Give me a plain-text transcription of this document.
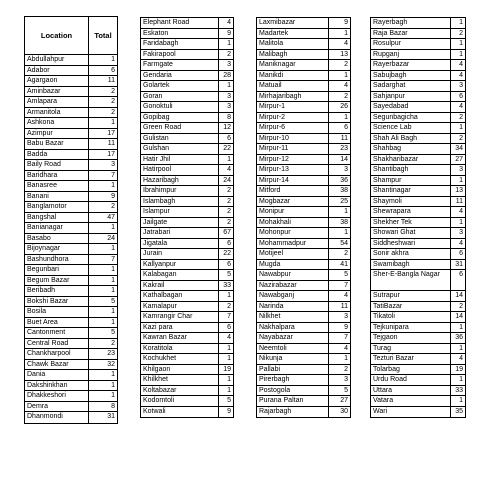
Location	Total
Abdullahpur	1
Adabor	6
Agargaon	11
Aminbazar	2
Amlapara	2
Armanitola	2
Ashkona	1
Azimpur	17
Babu Bazar	11
Badda	17
Baily Road	3
Baridhara	7
Banasree	1
Banani	9
Banglamotor	2
Bangshal	47
Banianagar	1
Basabo	24
Bijoynagar	1
Bashundhora	7
Begunbari	1
Begum Bazar	1
Beribadh	1
Bokshi Bazar	5
Bosila	1
Buet Area	1
Cantonment	5
Central Road	2
Chankharpool	23
Chawk Bazar	32
Dania	1
Dakshinkhan	1
Dhakkeshori	1
Demra	8
Dhanmondi	31
Elephant Road	4
Eskaton	9
Faridabagh	1
Fakirapool	2
Farmgate	3
Gendaria	28
Golartek	1
Goran	3
Gonoktuli	3
Gopibag	8
Green Road	12
Gulistan	6
Gulshan	22
Hatir Jhil	1
Hatirpool	4
Hazaribagh	24
Ibrahimpur	2
Islambagh	2
Islampur	2
Jailgate	2
Jatrabari	67
Jigatala	6
Jurain	22
Kallyanpur	6
Kalabagan	5
Kakrail	33
Kathalbagan	1
Kamalapur	2
Kamrangir Char	7
Kazi para	6
Kawran Bazar	4
Koratitola	1
Kochukhet	1
Khilgaon	19
Khilkhet	1
Koltabazar	1
Kodomtoli	5
Kotwali	9
Laxmibazar	9
Madartek	1
Malitola	4
Malibagh	13
Maniknagar	2
Manikdi	1
Matuail	4
Mirhajaribagh	2
Mirpur-1	26
Mirpur-2	1
Mirpur-6	6
Mirpur-10	11
Mirpur-11	23
Mirpur-12	14
Mirpur-13	3
Mirpur-14	36
Mitford	38
Mogbazar	25
Monipur	1
Mohakhali	38
Mohonpur	1
Mohammadpur	54
Motijeel	2
Mugda	41
Nawabpur	5
Nazirabazar	7
Nawabganj	4
Narinda	11
Nilkhet	3
Nakhalpara	9
Nayabazar	7
Neemtoli	4
Nikunja	1
Pallabi	2
Pirerbagh	3
Postogola	5
Purana Paltan	27
Rajarbagh	30
Rayerbagh	1
Raja Bazar	2
Rosulpur	1
Rupganj	1
Rayerbazar	4
Sabujbagh	4
Sadarghat	3
Sahjanpur	6
Sayedabad	4
Segunbagicha	2
Science Lab	1
Shah Ali Bagh	2
Shahbag	34
Shakharibazar	27
Shantibagh	3
Shampur	1
Shantinagar	13
Shaymoli	11
Shewrapara	4
Shekher Tek	1
Showari Ghat	3
Siddheshwari	4
Sonir akhra	6
Swamibagh	31
Sher-E-Bangla Nagar	6
Sutrapur	14
TatiBazar	2
Tikatoli	14
Tejkunipara	1
Tejgaon	36
Turag	1
Tezturi Bazar	4
Tolarbag	19
Urdu Road	1
Uttara	33
Vatara	1
Wari	35
